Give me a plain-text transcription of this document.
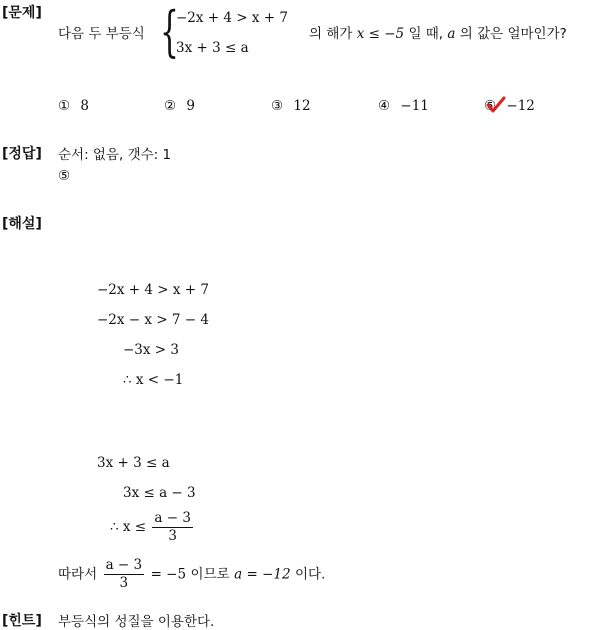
[문제]
다음 두 부등식 {
−2x + 4 > x + 7
3x + 3 ≤ a
의 해가 x ≤ −5 일 때, a 의 값은 얼마인가?
① 8	② 9	③ 12	④ −11	⑤ −12
[정답] 순서: 없음, 갯수: 1
⑤
[해설]
−2x + 4 > x + 7
−2x − x > 7 − 4
−3x > 3
∴ x < −1
3x + 3 ≤ a
3x ≤ a − 3
∴ $x \le \frac{a - 3}{3}$
따라서 $\frac{a - 3}{3} = -5$ 이므로 a = −12 이다.
[힌트] 부등식의 성질을 이용한다.
